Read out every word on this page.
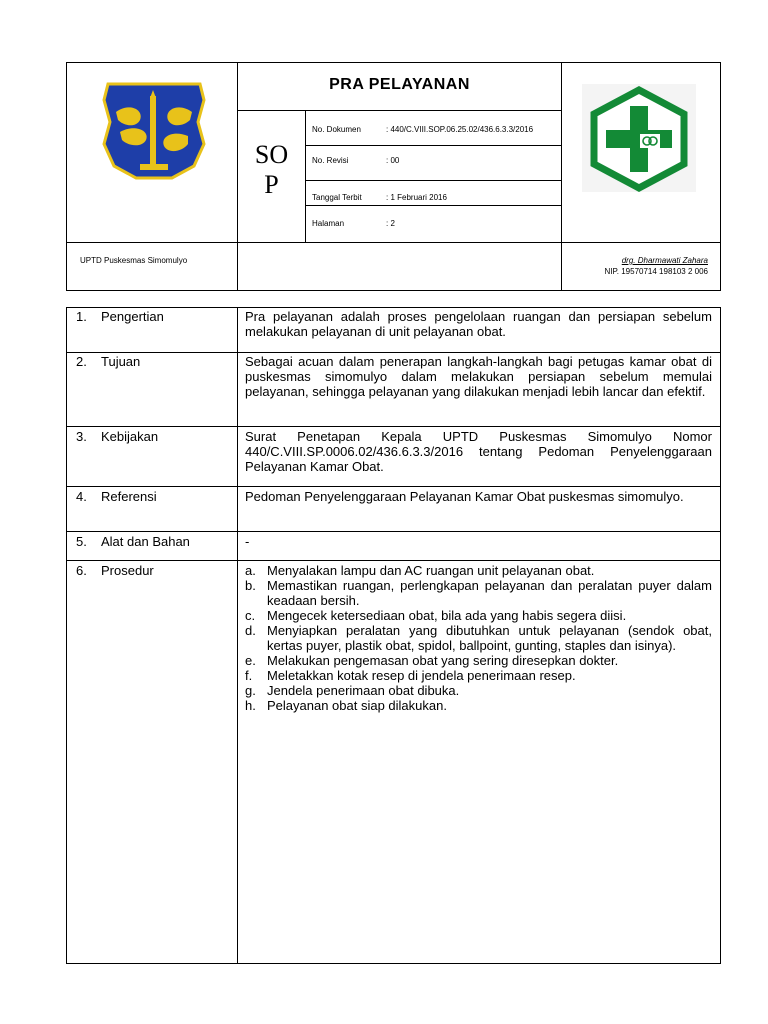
PRA PELAYANAN
SO
P
No. Dokumen	: 440/C.VIII.SOP.06.25.02/436.6.3.3/2016
No. Revisi	: 00
Tanggal Terbit	: 1 Februari 2016
Halaman	: 2
UPTD Puskesmas Simomulyo	drg. Dharmawati Zahara
NIP. 19570714 198103 2 006
1. Pengertian	Pra pelayanan adalah proses pengelolaan ruangan dan persiapan sebelum melakukan pelayanan di unit pelayanan obat.
2. Tujuan	Sebagai acuan dalam penerapan langkah-langkah bagi petugas kamar obat di puskesmas simomulyo dalam melakukan persiapan sebelum memulai pelayanan, sehingga pelayanan yang dilakukan menjadi lebih lancar dan efektif.
3. Kebijakan	Surat Penetapan Kepala UPTD Puskesmas Simomulyo Nomor 440/C.VIII.SP.0006.02/436.6.3.3/2016 tentang Pedoman Penyelenggaraan Pelayanan Kamar Obat.
4. Referensi	Pedoman Penyelenggaraan Pelayanan Kamar Obat puskesmas simomulyo.
5. Alat dan Bahan	-
6. Prosedur	a. Menyalakan lampu dan AC ruangan unit pelayanan obat.
b. Memastikan ruangan, perlengkapan pelayanan dan peralatan puyer dalam keadaan bersih.
c. Mengecek ketersediaan obat, bila ada yang habis segera diisi.
d. Menyiapkan peralatan yang dibutuhkan untuk pelayanan (sendok obat, kertas puyer, plastik obat, spidol, ballpoint, gunting, staples dan isinya).
e. Melakukan pengemasan obat yang sering diresepkan dokter.
f. Meletakkan kotak resep di jendela penerimaan resep.
g. Jendela penerimaan obat dibuka.
h. Pelayanan obat siap dilakukan.
